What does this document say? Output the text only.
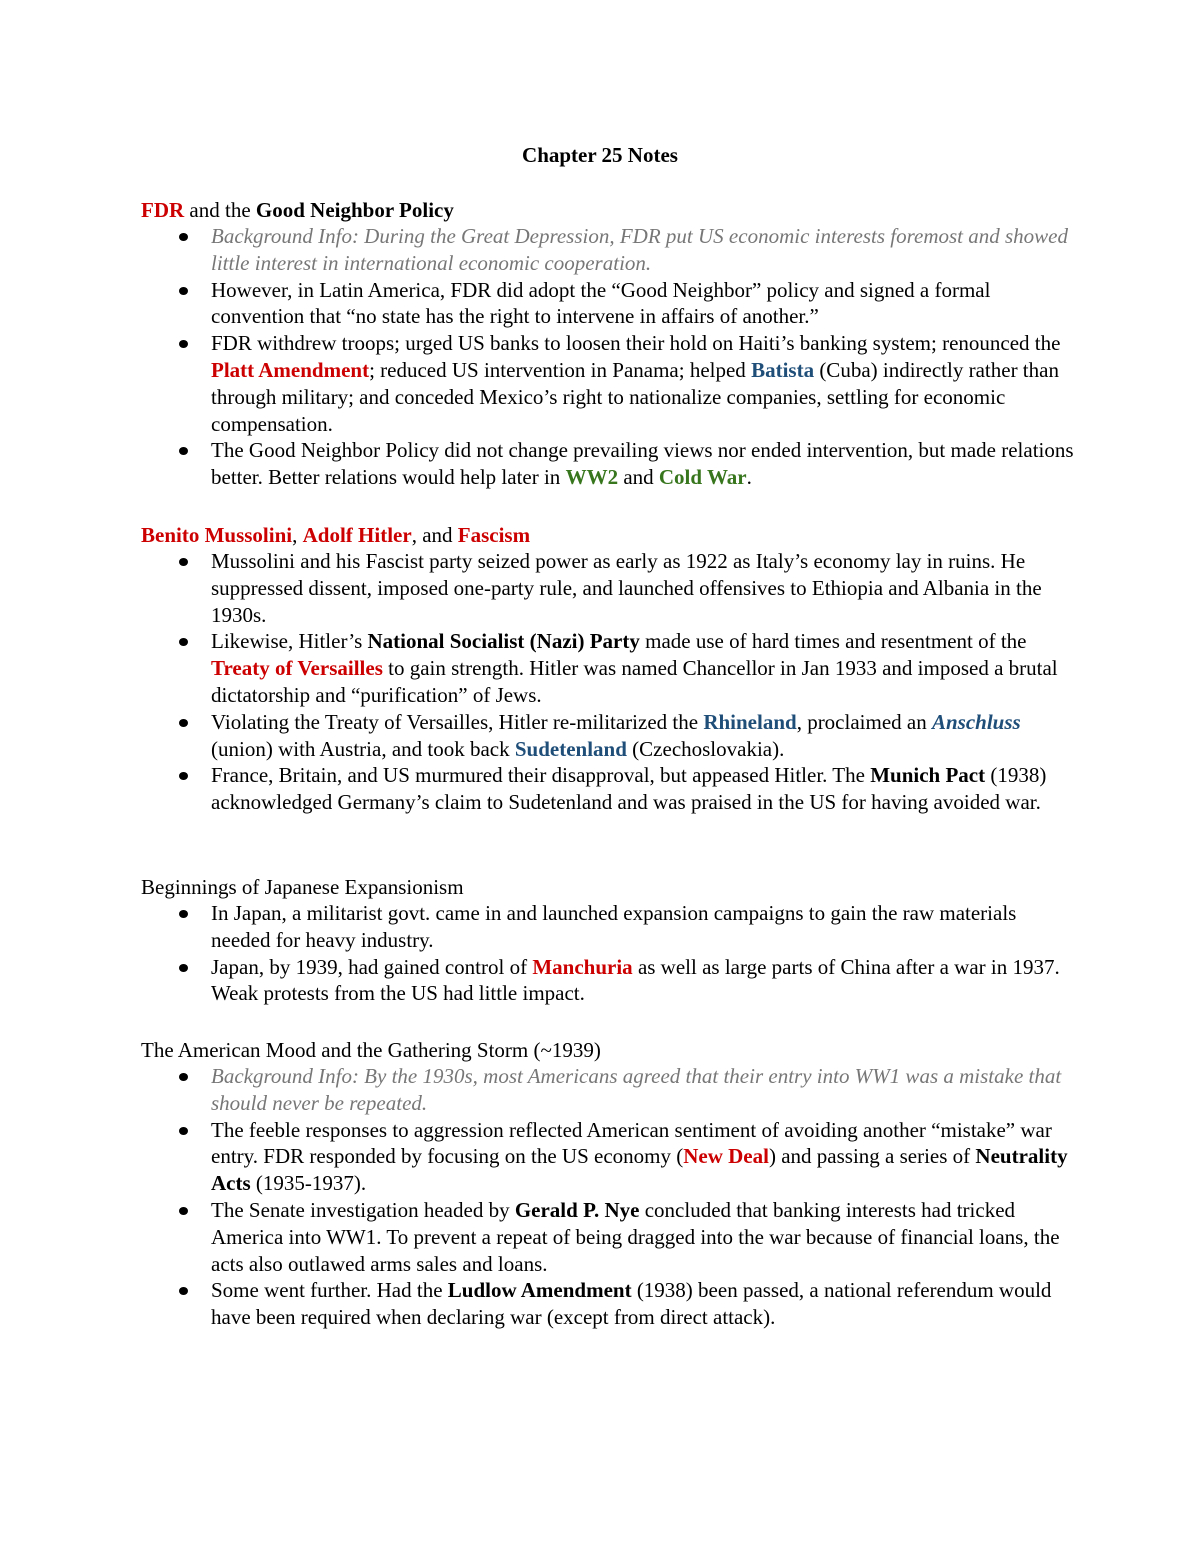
Chapter 25 Notes

FDR and the Good Neighbor Policy

Background Info: During the Great Depression, FDR put US economic interests foremost and showed little interest in international economic cooperation.
However, in Latin America, FDR did adopt the “Good Neighbor” policy and signed a formal convention that “no state has the right to intervene in affairs of another.”
FDR withdrew troops; urged US banks to loosen their hold on Haiti’s banking system; renounced the Platt Amendment; reduced US intervention in Panama; helped Batista (Cuba) indirectly rather than through military; and conceded Mexico’s right to nationalize companies, settling for economic compensation.
The Good Neighbor Policy did not change prevailing views nor ended intervention, but made relations better. Better relations would help later in WW2 and Cold War.

Benito Mussolini, Adolf Hitler, and Fascism

Mussolini and his Fascist party seized power as early as 1922 as Italy’s economy lay in ruins. He suppressed dissent, imposed one-party rule, and launched offensives to Ethiopia and Albania in the 1930s.
Likewise, Hitler’s National Socialist (Nazi) Party made use of hard times and resentment of the Treaty of Versailles to gain strength. Hitler was named Chancellor in Jan 1933 and imposed a brutal dictatorship and “purification” of Jews.
Violating the Treaty of Versailles, Hitler re-militarized the Rhineland, proclaimed an Anschluss (union) with Austria, and took back Sudetenland (Czechoslovakia).
France, Britain, and US murmured their disapproval, but appeased Hitler. The Munich Pact (1938) acknowledged Germany’s claim to Sudetenland and was praised in the US for having avoided war.

Beginnings of Japanese Expansionism

In Japan, a militarist govt. came in and launched expansion campaigns to gain the raw materials needed for heavy industry.
Japan, by 1939, had gained control of Manchuria as well as large parts of China after a war in 1937. Weak protests from the US had little impact.

The American Mood and the Gathering Storm (~1939)

Background Info: By the 1930s, most Americans agreed that their entry into WW1 was a mistake that should never be repeated.
The feeble responses to aggression reflected American sentiment of avoiding another “mistake” war entry. FDR responded by focusing on the US economy (New Deal) and passing a series of Neutrality Acts (1935-1937).
The Senate investigation headed by Gerald P. Nye concluded that banking interests had tricked America into WW1. To prevent a repeat of being dragged into the war because of financial loans, the acts also outlawed arms sales and loans.
Some went further. Had the Ludlow Amendment (1938) been passed, a national referendum would have been required when declaring war (except from direct attack).
